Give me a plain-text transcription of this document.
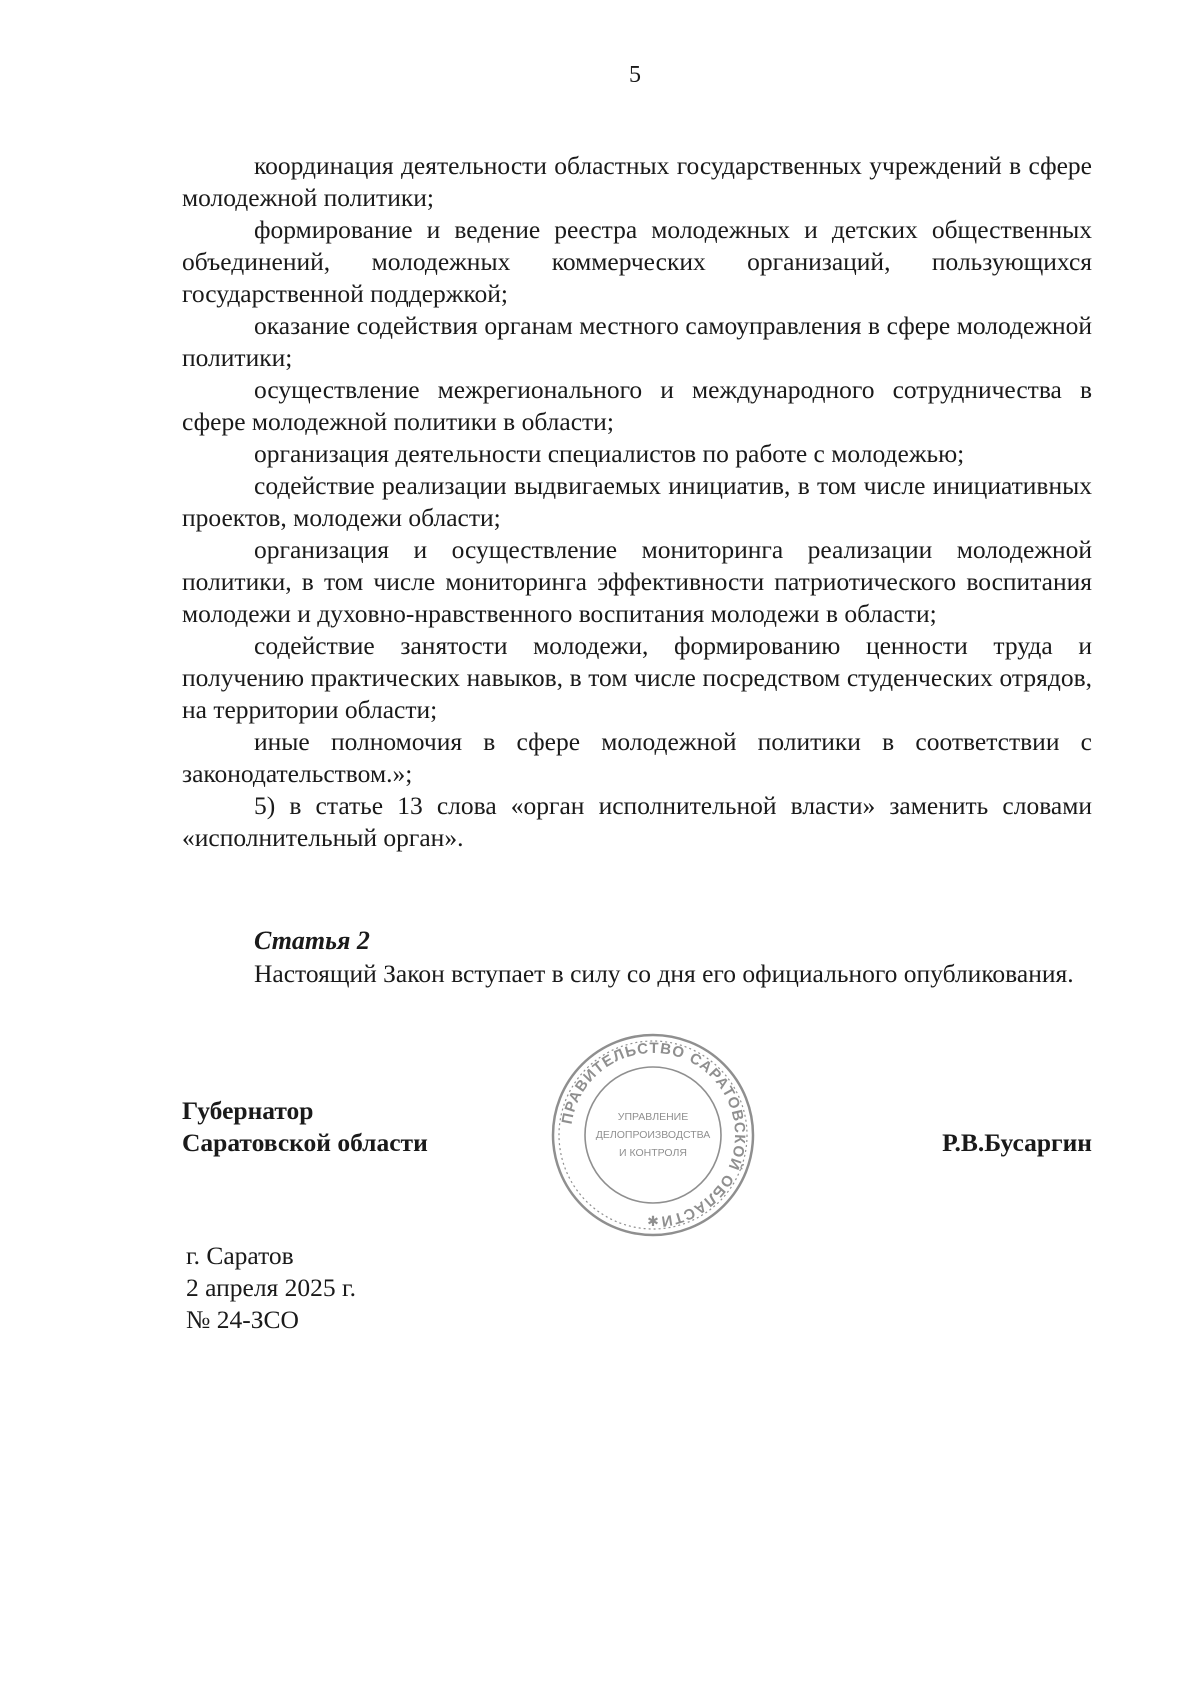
5

координация деятельности областных государственных учреждений в сфере молодежной политики;

формирование и ведение реестра молодежных и детских общественных объединений, молодежных коммерческих организаций, пользующихся государственной поддержкой;

оказание содействия органам местного самоуправления в сфере молодежной политики;

осуществление межрегионального и международного сотрудничества в сфере молодежной политики в области;

организация деятельности специалистов по работе с молодежью;

содействие реализации выдвигаемых инициатив, в том числе инициативных проектов, молодежи области;

организация и осуществление мониторинга реализации молодежной политики, в том числе мониторинга эффективности патриотического воспитания молодежи и духовно-нравственного воспитания молодежи в области;

содействие занятости молодежи, формированию ценности труда и получению практических навыков, в том числе посредством студенческих отрядов, на территории области;

иные полномочия в сфере молодежной политики в соответствии с законодательством.»;

5) в статье 13 слова «орган исполнительной власти» заменить словами «исполнительный орган».

Статья 2

Настоящий Закон вступает в силу со дня его официального опубликования.

Губернатор
Саратовской области	Р.В.Бусаргин
ПРАВИТЕЛЬСТВО САРАТОВСКОЙ ОБЛАСТИ
УПРАВЛЕНИЕ
ДЕЛОПРОИЗВОДСТВА
И КОНТРОЛЯ
✱
г. Саратов
2 апреля 2025 г.
№ 24-ЗСО
